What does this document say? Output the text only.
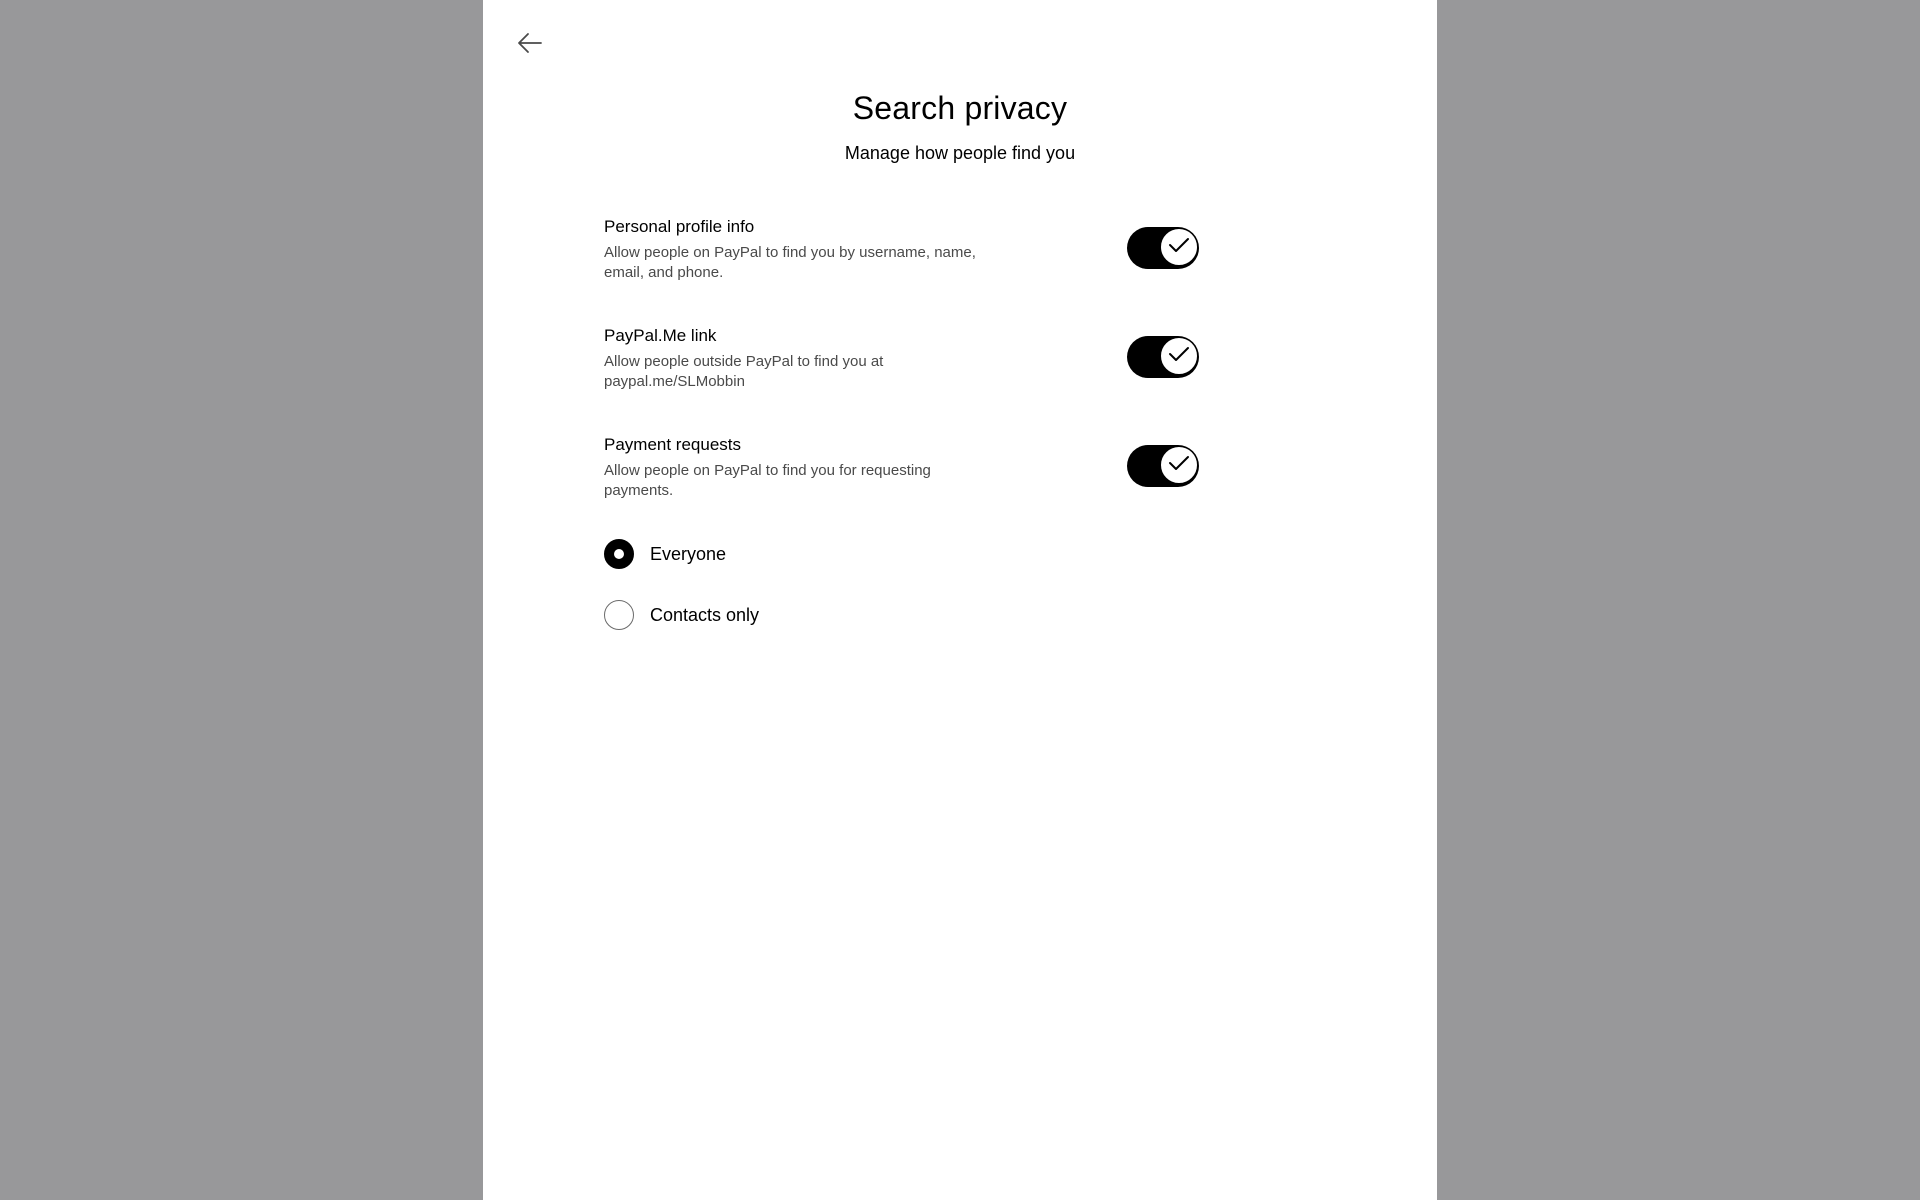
Search privacy

Manage how people find you

Personal profile info
Allow people on PayPal to find you by username, name, email, and phone.
PayPal.Me link
Allow people outside PayPal to find you at paypal.me/SLMobbin
Payment requests
Allow people on PayPal to find you for requesting payments.
Everyone
Contacts only
